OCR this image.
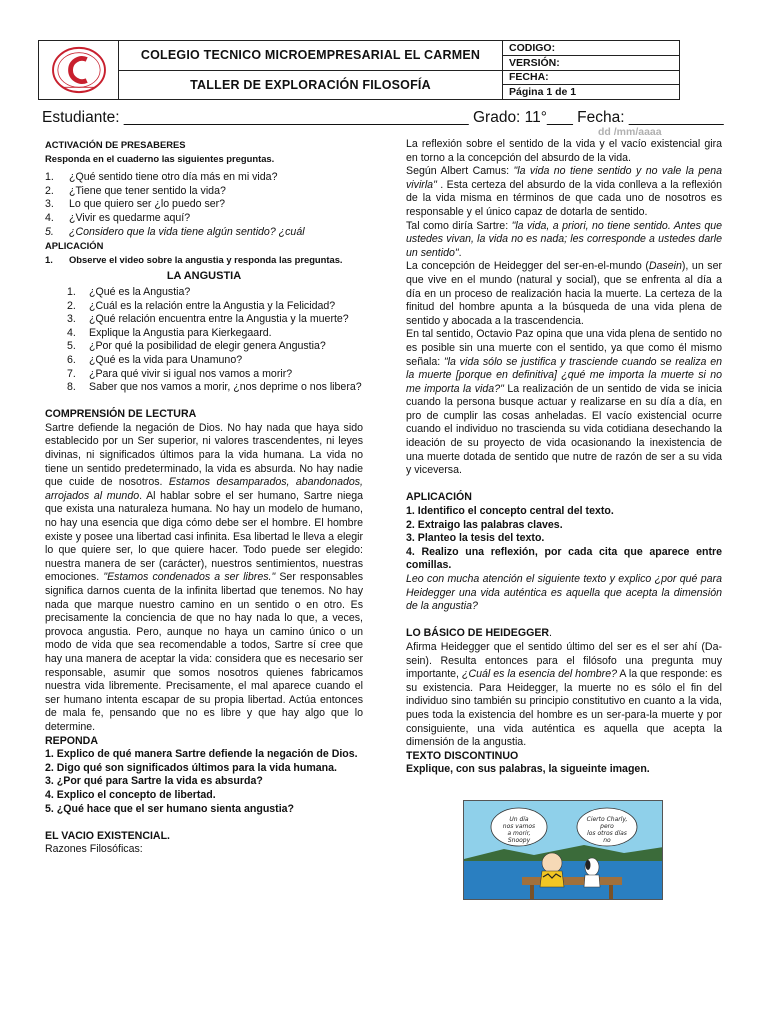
COLEGIO TECNICO MICROEMPRESARIAL EL CARMEN
TALLER DE EXPLORACIÓN FILOSOFÍA
CODIGO:
VERSIÓN:
FECHA:
Página 1 de 1
Estudiante: ________________________________________ Grado: 11°___ Fecha: ___________
dd /mm/aaaa
ACTIVACIÓN DE PRESABERES
Responda en el cuaderno las siguientes preguntas.
1.	¿Qué sentido tiene otro día más en mi vida?
2.	¿Tiene que tener sentido la vida?
3.	Lo que quiero ser ¿lo puedo ser?
4.	¿Vivir es quedarme aquí?
5.	¿Considero que la vida tiene algún sentido? ¿cuál
APLICACIÓN
1.	Observe el video sobre la angustia y responda las preguntas.
LA ANGUSTIA
1.	¿Qué es la Angustia?
2.	¿Cuál es la relación entre la Angustia y la Felicidad?
3.	¿Qué relación encuentra entre la Angustia y la muerte?
4.	Explique la Angustia para Kierkegaard.
5.	¿Por qué la posibilidad de elegir genera Angustia?
6.	¿Qué es la vida para Unamuno?
7.	¿Para qué vivir si igual nos vamos a morir?
8.	Saber que nos vamos a morir, ¿nos deprime o nos libera?
COMPRENSIÓN DE LECTURA

Sartre defiende la negación de Dios. No hay nada que haya sido establecido por un Ser superior, ni valores trascendentes, ni leyes divinas, ni significados últimos para la vida humana. La vida no tiene un sentido predeterminado, la vida es absurda. No hay nadie que cuide de nosotros. Estamos desamparados, abandonados, arrojados al mundo. Al hablar sobre el ser humano, Sartre niega que exista una naturaleza humana. No hay un modelo de humano, no hay una esencia que diga cómo debe ser el hombre. El hombre existe y posee una libertad casi infinita. Esa libertad le lleva a elegir lo que quiere ser, lo que quiere hacer. Todo puede ser elegido: nuestra manera de ser (carácter), nuestros sentimientos, nuestras emociones. "Estamos condenados a ser libres." Ser responsables significa darnos cuenta de la infinita libertad que tenemos. No hay nada que marque nuestro camino en un sentido o en otro. Es precisamente la conciencia de que no hay nada lo que, a veces, provoca angustia. Pero, aunque no haya un camino único o un modo de vida que sea recomendable a todos, Sartre sí cree que hay una manera de aceptar la vida: considera que es necesario ser responsable, asumir que somos nosotros quienes fabricamos nuestra vida libremente. Precisamente, el mal aparece cuando el ser humano intenta escapar de su propia libertad. Actúa entonces de mala fe, pensando que no es libre y que hay algo que lo determine.

REPONDA
1. Explico de qué manera Sartre defiende la negación de Dios.
2. Digo qué son significados últimos para la vida humana.
3. ¿Por qué para Sartre la vida es absurda?
4. Explico el concepto de libertad.
5. ¿Qué hace que el ser humano sienta angustia?
EL VACIO EXISTENCIAL.
Razones Filosóficas:

La reflexión sobre el sentido de la vida y el vacío existencial gira en torno a la concepción del absurdo de la vida.

Según Albert Camus: "la vida no tiene sentido y no vale la pena vivirla" . Esta certeza del absurdo de la vida conlleva a la reflexión de la vida misma en términos de que cada uno de nosotros es responsable y el único capaz de dotarla de sentido.

Tal como diría Sartre: "la vida, a priori, no tiene sentido. Antes que ustedes vivan, la vida no es nada; les corresponde a ustedes darle un sentido".

La concepción de Heidegger del ser-en-el-mundo (Dasein), un ser que vive en el mundo (natural y social), que se enfrenta al día a día en un proceso de realización hacia la muerte. La certeza de la finitud del hombre apunta a la búsqueda de una vida plena de sentido y abocada a la trascendencia.

En tal sentido, Octavio Paz opina que una vida plena de sentido no es posible sin una muerte con el sentido, ya que como él mismo señala: "la vida sólo se justifica y trasciende cuando se realiza en la muerte [porque en definitiva] ¿qué me importa la muerte si no me importa la vida?" La realización de un sentido de vida se inicia cuando la persona busque actuar y realizarse en su día a día, en pro de cumplir las cosas anheladas. El vacío existencial ocurre cuando el individuo no trascienda su vida cotidiana desechando la ideación de su proyecto de vida ocasionando la inexistencia de una muerte dotada de sentido que nutre de razón de ser a su vida y viceversa.

APLICACIÓN
1. Identifico el concepto central del texto.
2. Extraigo las palabras claves.
3. Planteo la tesis del texto.

4. Realizo una reflexión, por cada cita que aparece entre comillas.

Leo con mucha atención el siguiente texto y explico ¿por qué para Heidegger una vida auténtica es aquella que acepta la dimensión de la angustia?

LO BÁSICO DE HEIDEGGER.

Afirma Heidegger que el sentido último del ser es el ser ahí (Da-sein). Resulta entonces para el filósofo una pregunta muy importante, ¿Cuál es la esencia del hombre? A la que responde: es su existencia. Para Heidegger, la muerte no es sólo el fin del individuo sino también su principio constitutivo en cuanto a la vida, pues toda la existencia del hombre es un ser-para-la muerte y por consiguiente, una vida auténtica es aquella que acepta la dimensión de la angustia.

TEXTO DISCONTINUO
Explique, con sus palabras, la sigueinte imagen.
Un día nos vamos a morir, Snoopy
Cierto Charly, pero los otros días no
